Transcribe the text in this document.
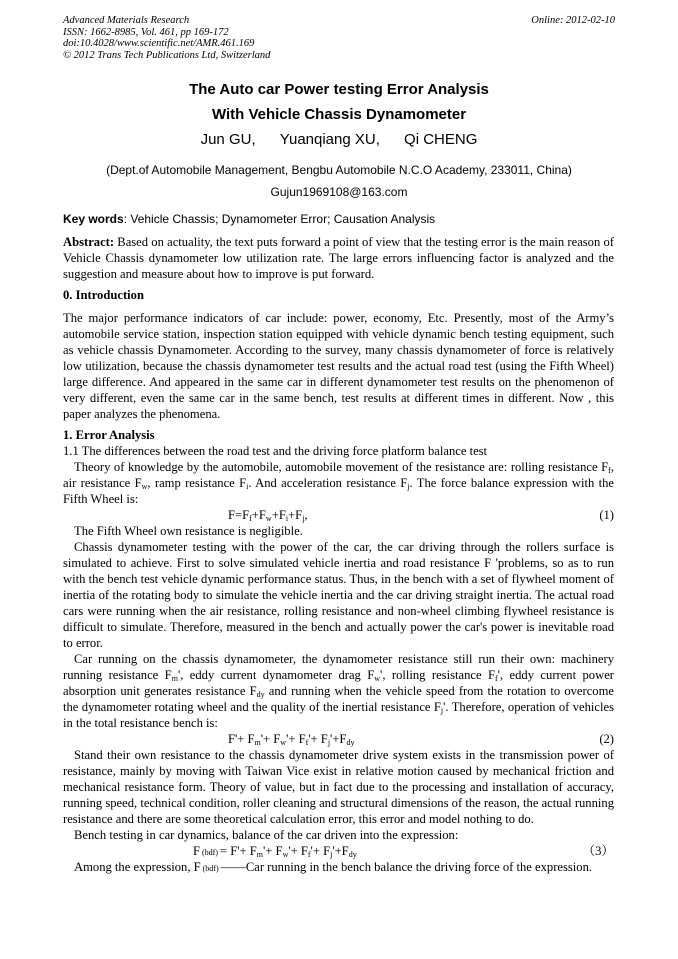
Advanced Materials Research
ISSN: 1662-8985, Vol. 461, pp 169-172
doi:10.4028/www.scientific.net/AMR.461.169
© 2012 Trans Tech Publications Ltd, Switzerland
Online: 2012-02-10
The Auto car Power testing Error Analysis
With Vehicle Chassis Dynamometer
Jun GU, Yuanqiang XU, Qi CHENG
(Dept.of Automobile Management, Bengbu Automobile N.C.O Academy, 233011, China)
Gujun1969108@163.com
Key words: Vehicle Chassis; Dynamometer Error; Causation Analysis

Abstract: Based on actuality, the text puts forward a point of view that the testing error is the main reason of Vehicle Chassis dynamometer low utilization rate. The large errors influencing factor is analyzed and the suggestion and measure about how to improve is put forward.

0. Introduction

The major performance indicators of car include: power, economy, Etc. Presently, most of the Army’s automobile service station, inspection station equipped with vehicle dynamic bench testing equipment, such as vehicle chassis Dynamometer. According to the survey, many chassis dynamometer of force is relatively low utilization, because the chassis dynamometer test results and the actual road test (using the Fifth Wheel) large difference. And appeared in the same car in different dynamometer test results on the phenomenon of very different, even the same car in the same bench, test results at different times in different. Now , this paper analyzes the phenomena.

1. Error Analysis

1.1 The differences between the road test and the driving force platform balance test

Theory of knowledge by the automobile, automobile movement of the resistance are: rolling resistance $F_f$, air resistance $F_w$, ramp resistance $F_i$. And acceleration resistance $F_j$. The force balance expression with the Fifth Wheel is:

$F=F_f+F_w+F_i+F_j$,	(1)

The Fifth Wheel own resistance is negligible.

Chassis dynamometer testing with the power of the car, the car driving through the rollers surface is simulated to achieve. First to solve simulated vehicle inertia and road resistance F 'problems, so as to run with the bench test vehicle dynamic performance status. Thus, in the bench with a set of flywheel moment of inertia of the rotating body to simulate the vehicle inertia and the car driving straight inertia. The actual road cars were running when the air resistance, rolling resistance and non-wheel climbing flywheel resistance is difficult to simulate. Therefore, measured in the bench and actually power the car's power is inevitable road to error.

Car running on the chassis dynamometer, the dynamometer resistance still run their own: machinery running resistance $F_m'$, eddy current dynamometer drag $F_w'$, rolling resistance $F_f'$, eddy current power absorption unit generates resistance $F_{dy}$ and running when the vehicle speed from the rotation to overcome the dynamometer rotating wheel and the quality of the inertial resistance $F_j'$. Therefore, operation of vehicles in the total resistance bench is:

$F'+ F_m'+ F_w'+ F_f'+ F_j'+F_{dy}$	(2)

Stand their own resistance to the chassis dynamometer drive system exists in the transmission power of resistance, mainly by moving with Taiwan Vice exist in relative motion caused by mechanical friction and mechanical resistance form. Theory of value, but in fact due to the processing and installation of accuracy, running speed, technical condition, roller cleaning and structural dimensions of the reason, the actual running resistance and there are some theoretical calculation error, this error and model nothing to do.

Bench testing in car dynamics, balance of the car driven into the expression:

F $(bdf) = F'+ F_m'+ F_w'+ F_f'+ F_j'+F_{dy}$	（3）

Among the expression, F (bdf) ——Car running in the bench balance the driving force of the expression.
